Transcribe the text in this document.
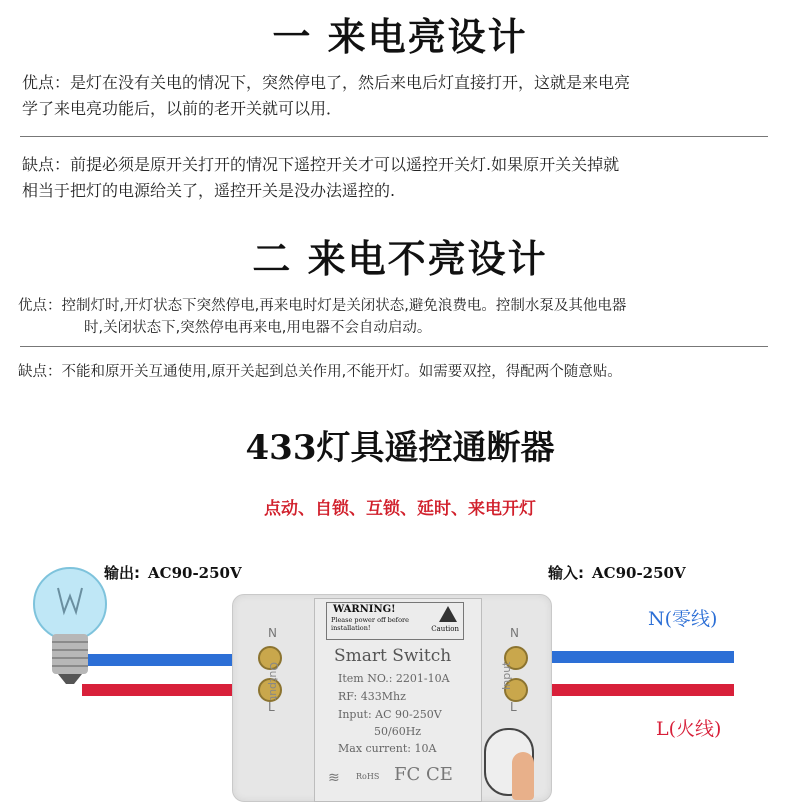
一 来电亮设计
优点：是灯在没有关电的情况下，突然停电了，然后来电后灯直接打开，这就是来电亮
学了来电亮功能后，以前的老开关就可以用．
缺点：前提必须是原开关打开的情况下遥控开关才可以遥控开关灯.如果原开关关掉就
相当于把灯的电源给关了，遥控开关是没办法遥控的.
二 来电不亮设计
优点：控制灯时,开灯状态下突然停电,再来电时灯是关闭状态,避免浪费电。控制水泵及其他电器
时,关闭状态下,突然停电再来电,用电器不会自动启动。
缺点：不能和原开关互通使用,原开关起到总关作用,不能开灯。如需要双控，得配两个随意贴。
433灯具遥控通断器
点动、自锁、互锁、延时、来电开灯
输出: AC90-250V	输入: AC90-250V
N(零线)
L(火线)
N
L
N
L
Output	Input
WARNING!
Please power off before installation!	Caution
Smart Switch
Item NO.: 2201-10A
RF: 433Mhz
Input: AC 90-250V
50/60Hz
Max current: 10A
≋ RoHS FC CE
